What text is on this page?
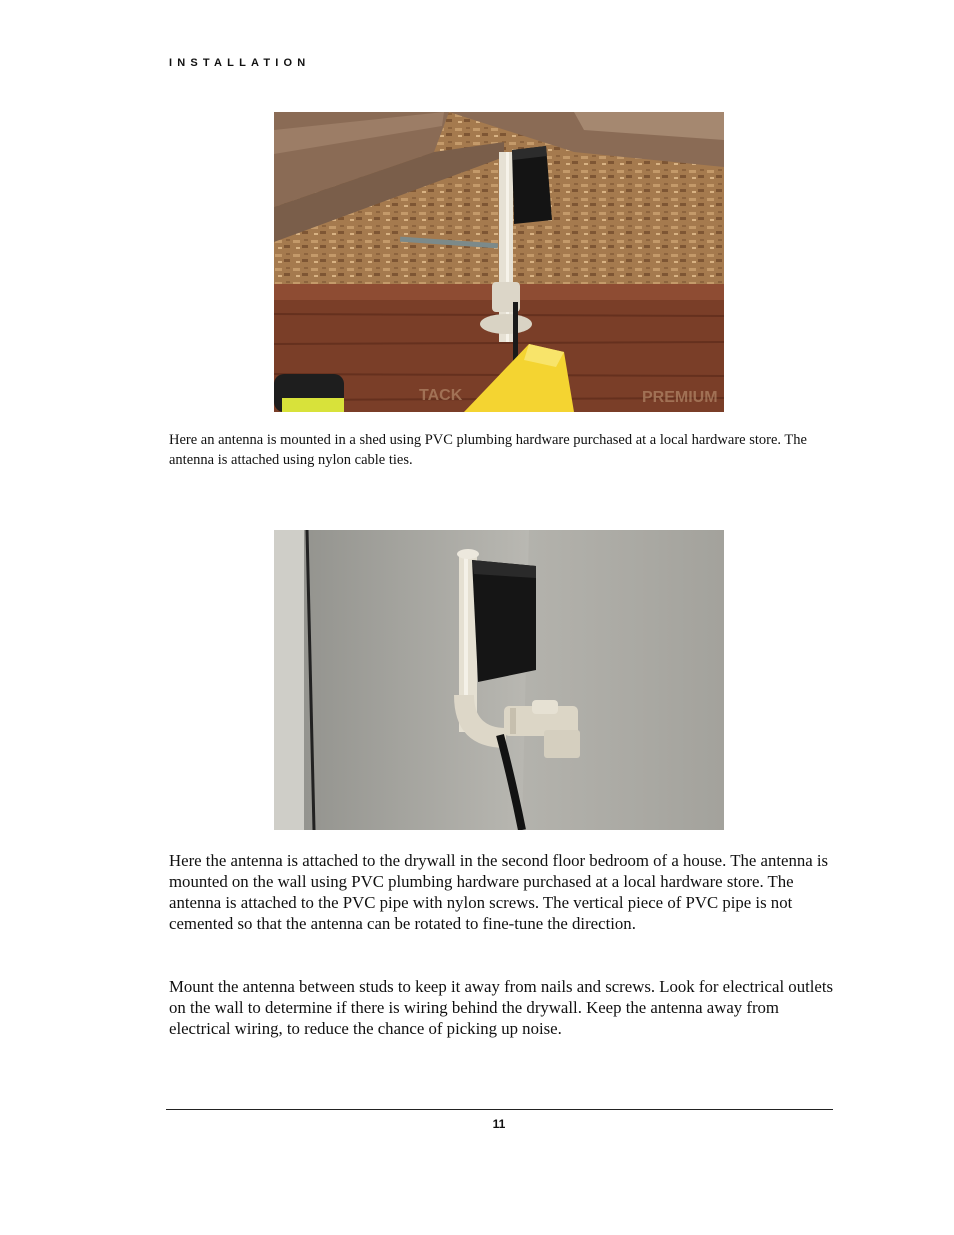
INSTALLATION
TACK	PREMIUM
Here an antenna is mounted in a shed using PVC plumbing hardware purchased at a local hardware store. The antenna is attached using nylon cable ties.
Here the antenna is attached to the drywall in the second floor bedroom of a house. The antenna is mounted on the wall using PVC plumbing hardware purchased at a local hardware store. The antenna is attached to the PVC pipe with nylon screws. The vertical piece of PVC pipe is not cemented so that the antenna can be rotated to fine-tune the direction.
Mount the antenna between studs to keep it away from nails and screws. Look for electrical outlets on the wall to determine if there is wiring behind the drywall. Keep the antenna away from electrical wiring, to reduce the chance of picking up noise.
11
